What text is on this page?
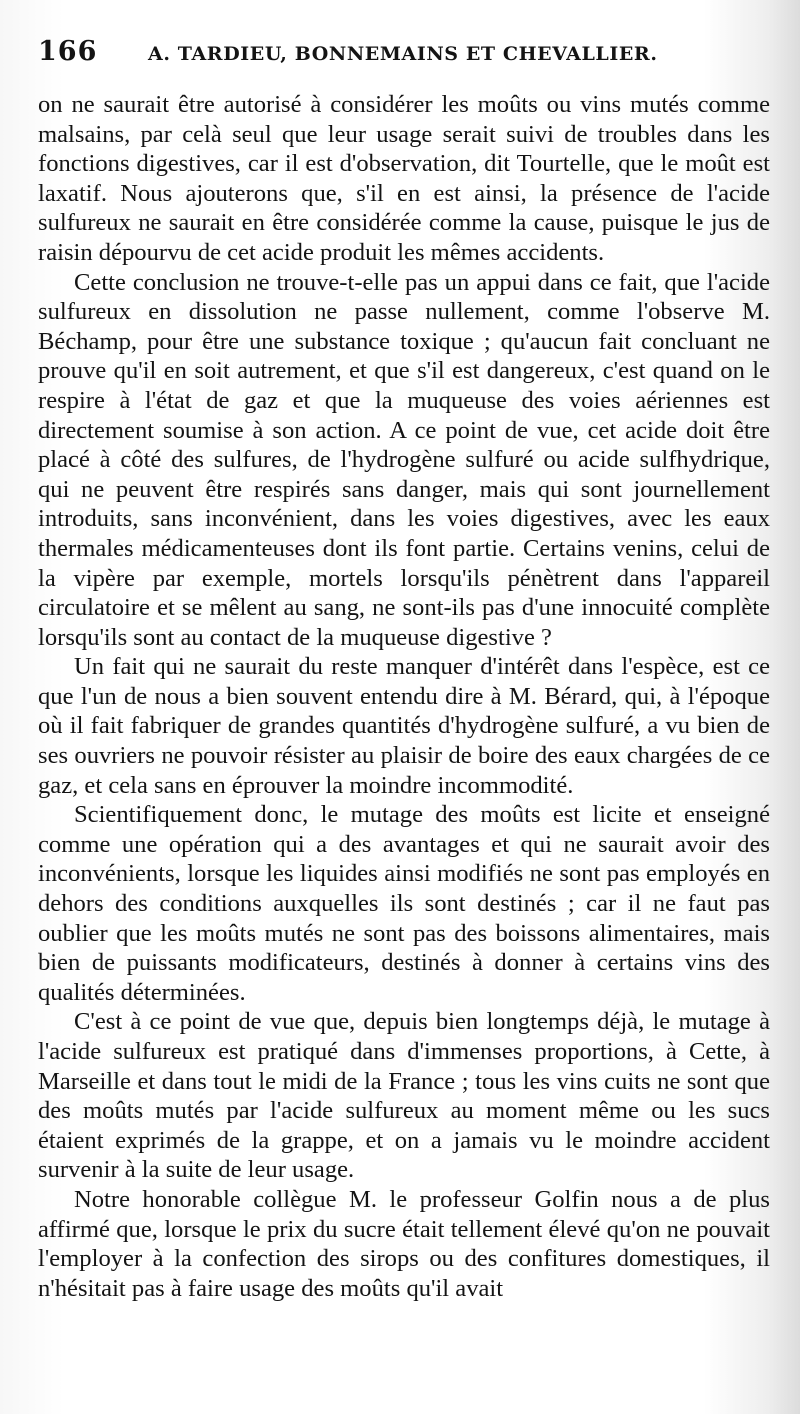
166	A. TARDIEU, BONNEMAINS ET CHEVALLIER.

on ne saurait être autorisé à considérer les moûts ou vins mutés comme malsains, par celà seul que leur usage serait suivi de troubles dans les fonctions digestives, car il est d'observation, dit Tourtelle, que le moût est laxatif. Nous ajouterons que, s'il en est ainsi, la présence de l'acide sulfureux ne saurait en être considérée comme la cause, puisque le jus de raisin dépourvu de cet acide produit les mêmes accidents.

Cette conclusion ne trouve-t-elle pas un appui dans ce fait, que l'acide sulfureux en dissolution ne passe nullement, comme l'observe M. Béchamp, pour être une substance toxique ; qu'aucun fait concluant ne prouve qu'il en soit autrement, et que s'il est dangereux, c'est quand on le respire à l'état de gaz et que la muqueuse des voies aériennes est directement soumise à son action. A ce point de vue, cet acide doit être placé à côté des sulfures, de l'hydrogène sulfuré ou acide sulfhydrique, qui ne peuvent être respirés sans danger, mais qui sont journellement introduits, sans inconvénient, dans les voies digestives, avec les eaux thermales médicamenteuses dont ils font partie. Certains venins, celui de la vipère par exemple, mortels lorsqu'ils pénètrent dans l'appareil circulatoire et se mêlent au sang, ne sont-ils pas d'une innocuité complète lorsqu'ils sont au contact de la muqueuse digestive ?

Un fait qui ne saurait du reste manquer d'intérêt dans l'espèce, est ce que l'un de nous a bien souvent entendu dire à M. Bérard, qui, à l'époque où il fait fabriquer de grandes quantités d'hydrogène sulfuré, a vu bien de ses ouvriers ne pouvoir résister au plaisir de boire des eaux chargées de ce gaz, et cela sans en éprouver la moindre incommodité.

Scientifiquement donc, le mutage des moûts est licite et enseigné comme une opération qui a des avantages et qui ne saurait avoir des inconvénients, lorsque les liquides ainsi modifiés ne sont pas employés en dehors des conditions auxquelles ils sont destinés ; car il ne faut pas oublier que les moûts mutés ne sont pas des boissons alimentaires, mais bien de puissants modificateurs, destinés à donner à certains vins des qualités déterminées.

C'est à ce point de vue que, depuis bien longtemps déjà, le mutage à l'acide sulfureux est pratiqué dans d'immenses proportions, à Cette, à Marseille et dans tout le midi de la France ; tous les vins cuits ne sont que des moûts mutés par l'acide sulfureux au moment même ou les sucs étaient exprimés de la grappe, et on a jamais vu le moindre accident survenir à la suite de leur usage.

Notre honorable collègue M. le professeur Golfin nous a de plus affirmé que, lorsque le prix du sucre était tellement élevé qu'on ne pouvait l'employer à la confection des sirops ou des confitures domestiques, il n'hésitait pas à faire usage des moûts qu'il avait
